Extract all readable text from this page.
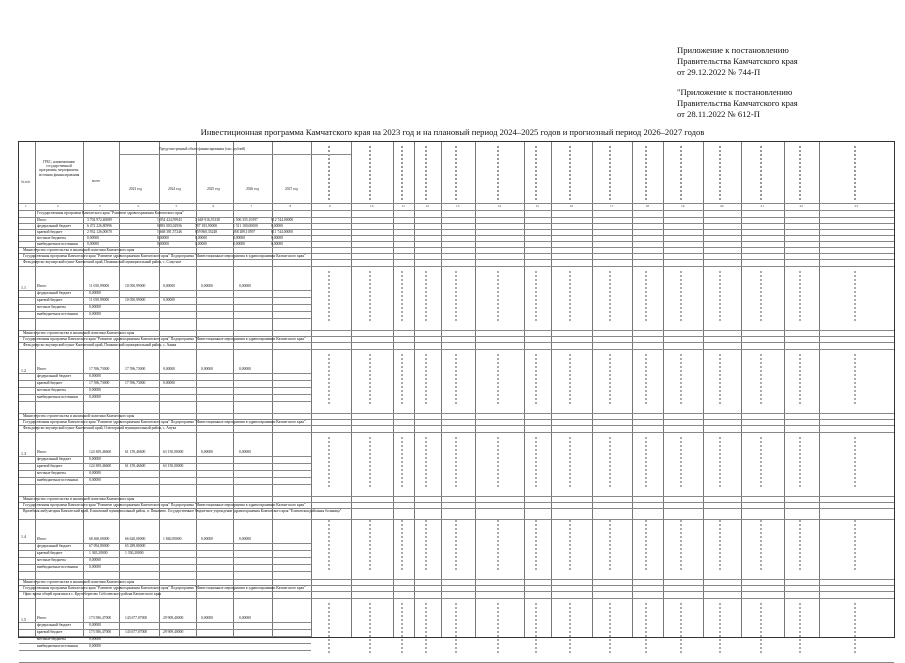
Приложение к постановлению
Правительства Камчатского края
от 29.12.2022 № 744-П
"Приложение к постановлению
Правительства Камчатского края
от 28.11.2022 № 612-П
Инвестиционная программа Камчатского края на 2023 год и на плановый период 2024–2025 годов и прогнозный период 2026–2027 годов
№ п/п
ГРБС, наименование государственной программы, мероприятия, источник финансирования
всего
Предусмотренный объем финансирования (тыс. рублей)
2023 год	2024 год	2025 год	2026 год	2027 год
1	2	3	4	5	6	7	8	9	10	11	12	13	14	15	16	17	18	19	20	21	22	23
Государственная программа Камчатского края "Развитие здравоохранения Камчатского края"
Итого	3 704 972,40689	1 054 424,59943	1 648 916,55338	1 506 355,10597	912 744,00000
федеральный бюджет	6 472 226,80996	0 881 083,02956	707 183,90000	1 311 100,00000	0,00000
краевой бюджет	2 932 126,00670	1 668 381,57246	659 860,35248	268 289,10597	811 744,00000
местные бюджеты	0,00000	0,00000	0,00000	0,00000	0,00000
внебюджетные источники 0,00000	0,00000	0,00000	0,00000	0,00000
Министерство строительства и жилищной политики Камчатского края
Государственная программа Камчатского края "Развитие здравоохранения Камчатского края" Подпрограмма "Инвестиционные мероприятия в здравоохранении Камчатского края"
Фельдшерско-акушерский пункт Камчатский край, Пенжинский муниципальный район, с. Слаутное
1.1	Итого	11 050,99000	10 050,99000	0,00000	0,00000	0,00000
федеральный бюджет	0,00000
краевой бюджет	11 050,99000	10 050,99000	0,00000
местные бюджеты	0,00000
внебюджетные источники	0,00000
Министерство строительства и жилищной политики Камчатского края
Государственная программа Камчатского края "Развитие здравоохранения Камчатского края" Подпрограмма "Инвестиционные мероприятия в здравоохранении Камчатского края"
Фельдшерско-акушерский пункт Камчатский край, Пенжинский муниципальный район, с. Аянка
1.2	Итого	17 596,73000	17 596,73000	0,00000	0,00000	0,00000
федеральный бюджет	0,00000
краевой бюджет	17 596,73000	17 596,73000	0,00000
местные бюджеты	0,00000
внебюджетные источники	0,00000
Министерство строительства и жилищной политики Камчатского края
Государственная программа Камчатского края "Развитие здравоохранения Камчатского края" Подпрограмма "Инвестиционные мероприятия в здравоохранении Камчатского края"
Фельдшерско-акушерский пункт Камчатский край, Олюторский муниципальный район, с. Апука
1.3	Итого	124 309,46600	61 159,46600	63 150,00000	0,00000	0,00000
федеральный бюджет	0,00000
краевой бюджет	124 309,46600	61 159,46600	63 150,00000
местные бюджеты	0,00000
внебюджетные источники	0,00000
Министерство строительства и жилищной политики Камчатского края
Государственная программа Камчатского края "Развитие здравоохранения Камчатского края" Подпрограмма "Инвестиционные мероприятия в здравоохранении Камчатского края"
Врачебная амбулатория Камчатский край, Елизовский муниципальный район, п. Пиначево. Государственное бюджетное учреждение здравоохранения Камчатского края "Елизовская районная больница"
1.4	Итого	68 460,00000	66 620,00000	1 840,00000	0,00000	0,00000
федеральный бюджет	67 094,80000	65 289,80000
краевой бюджет	1 365,20000	1 330,20000
местные бюджеты	0,00000
внебюджетные источники	0,00000
Министерство строительства и жилищной политики Камчатского края
Государственная программа Камчатского края "Развитие здравоохранения Камчатского края" Подпрограмма "Инвестиционные мероприятия в здравоохранении Камчатского края"
Офис врача общей практики в с. Крутоберегово Соболевского района Камчатского края
1.5	Итого	173 586,47000	143 677,07000	29 909,40000	0,00000	0,00000
федеральный бюджет	0,00000
краевой бюджет	173 586,47000	143 677,07000	29 909,40000
местные бюджеты	0,00000
внебюджетные источники	0,00000
